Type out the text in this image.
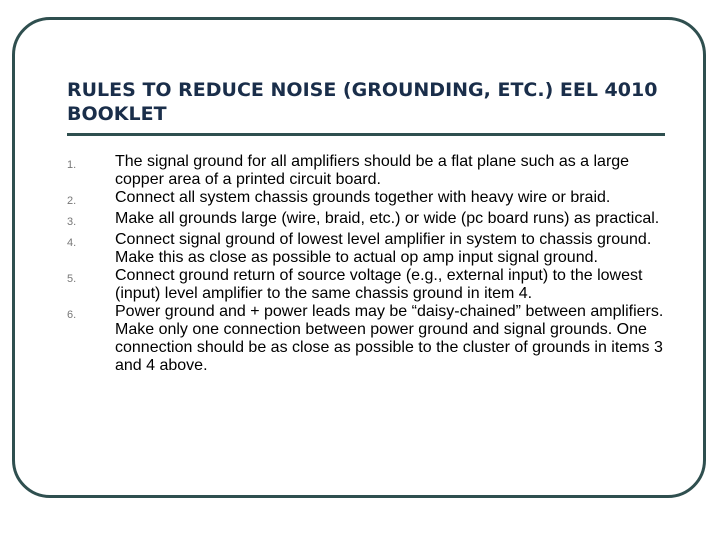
RULES TO REDUCE NOISE (GROUNDING, ETC.) EEL 4010 BOOKLET
1.	The signal ground for all amplifiers should be a flat plane such as a large copper area of a printed circuit board.
2.	Connect all system chassis grounds together with heavy wire or braid.
3.	Make all grounds large (wire, braid, etc.) or wide (pc board runs) as practical.
4.	Connect signal ground of lowest level amplifier in system to chassis ground. Make this as close as possible to actual op amp input signal ground.
5.	Connect ground return of source voltage (e.g., external input) to the lowest (input) level amplifier to the same chassis ground in item 4.
6.	Power ground and + power leads may be “daisy-chained” between amplifiers. Make only one connection between power ground and signal grounds. One connection should be as close as possible to the cluster of grounds in items 3 and 4 above.
